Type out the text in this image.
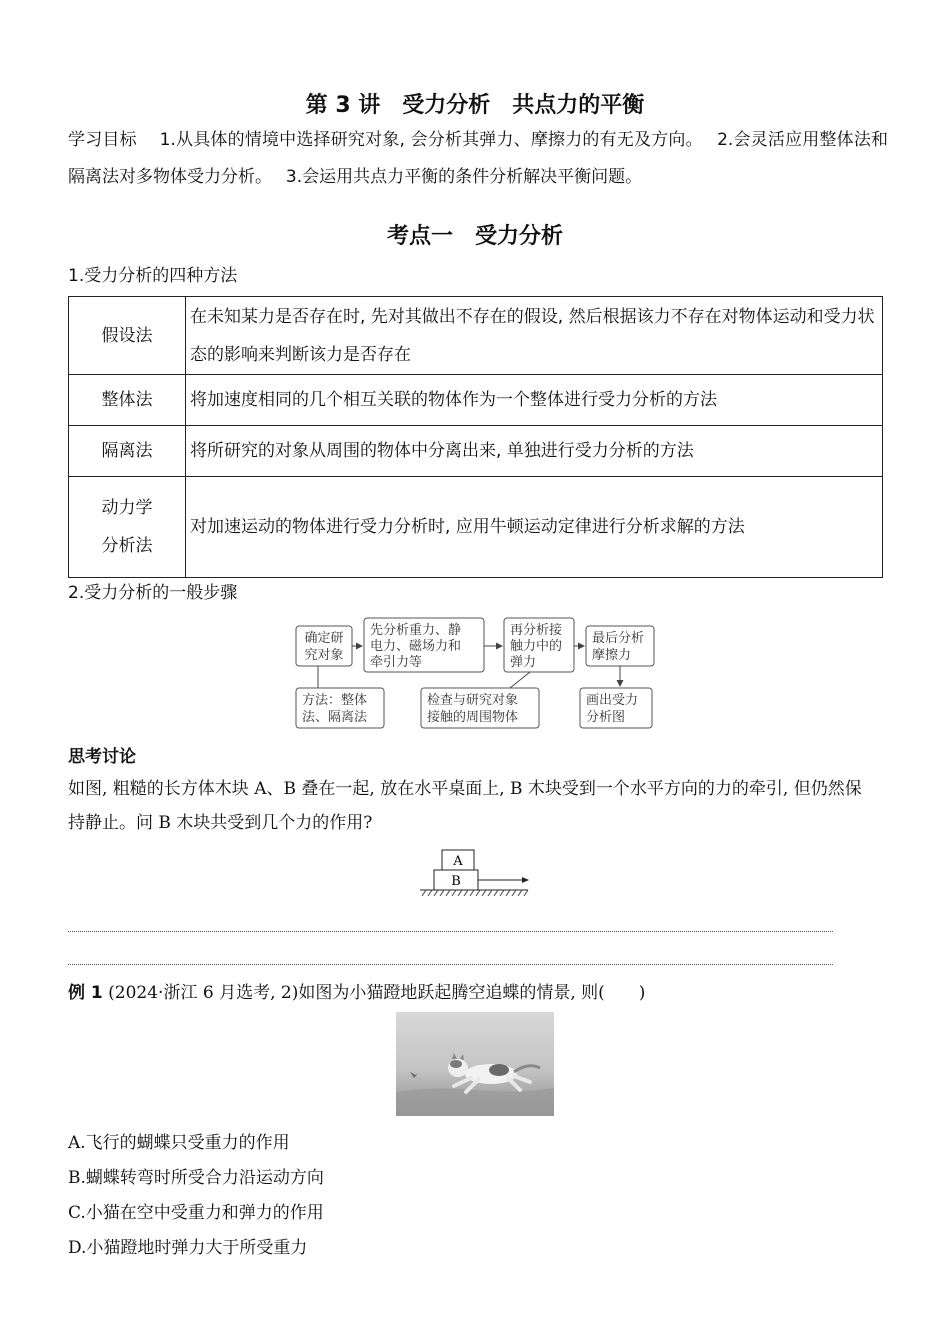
第 3 讲　受力分析　共点力的平衡
学习目标　 1.从具体的情境中选择研究对象, 会分析其弹力、摩擦力的有无及方向。　 2.会灵活应用整体法和隔离法对多物体受力分析。　 3.会运用共点力平衡的条件分析解决平衡问题。
考点一　受力分析
1.受力分析的四种方法
假设法	在未知某力是否存在时, 先对其做出不存在的假设, 然后根据该力不存在对物体运动和受力状态的影响来判断该力是否存在
整体法	将加速度相同的几个相互关联的物体作为一个整体进行受力分析的方法
隔离法	将所研究的对象从周围的物体中分离出来, 单独进行受力分析的方法
动力学
分析法	对加速运动的物体进行受力分析时, 应用牛顿运动定律进行分析求解的方法
2.受力分析的一般步骤
确定研
究对象
先分析重力、静
电力、磁场力和
牵引力等
再分析接
触力中的
弹力
最后分析
摩擦力
方法：整体
法、隔离法
检查与研究对象
接触的周围物体
画出受力
分析图
思考讨论
如图, 粗糙的长方体木块 A、B 叠在一起, 放在水平桌面上, B 木块受到一个水平方向的力的牵引, 但仍然保持静止。问 B 木块共受到几个力的作用?
A
B
例 1 (2024·浙江 6 月选考, 2)如图为小猫蹬地跃起腾空追蝶的情景, 则(　　)
A.飞行的蝴蝶只受重力的作用
B.蝴蝶转弯时所受合力沿运动方向
C.小猫在空中受重力和弹力的作用
D.小猫蹬地时弹力大于所受重力
